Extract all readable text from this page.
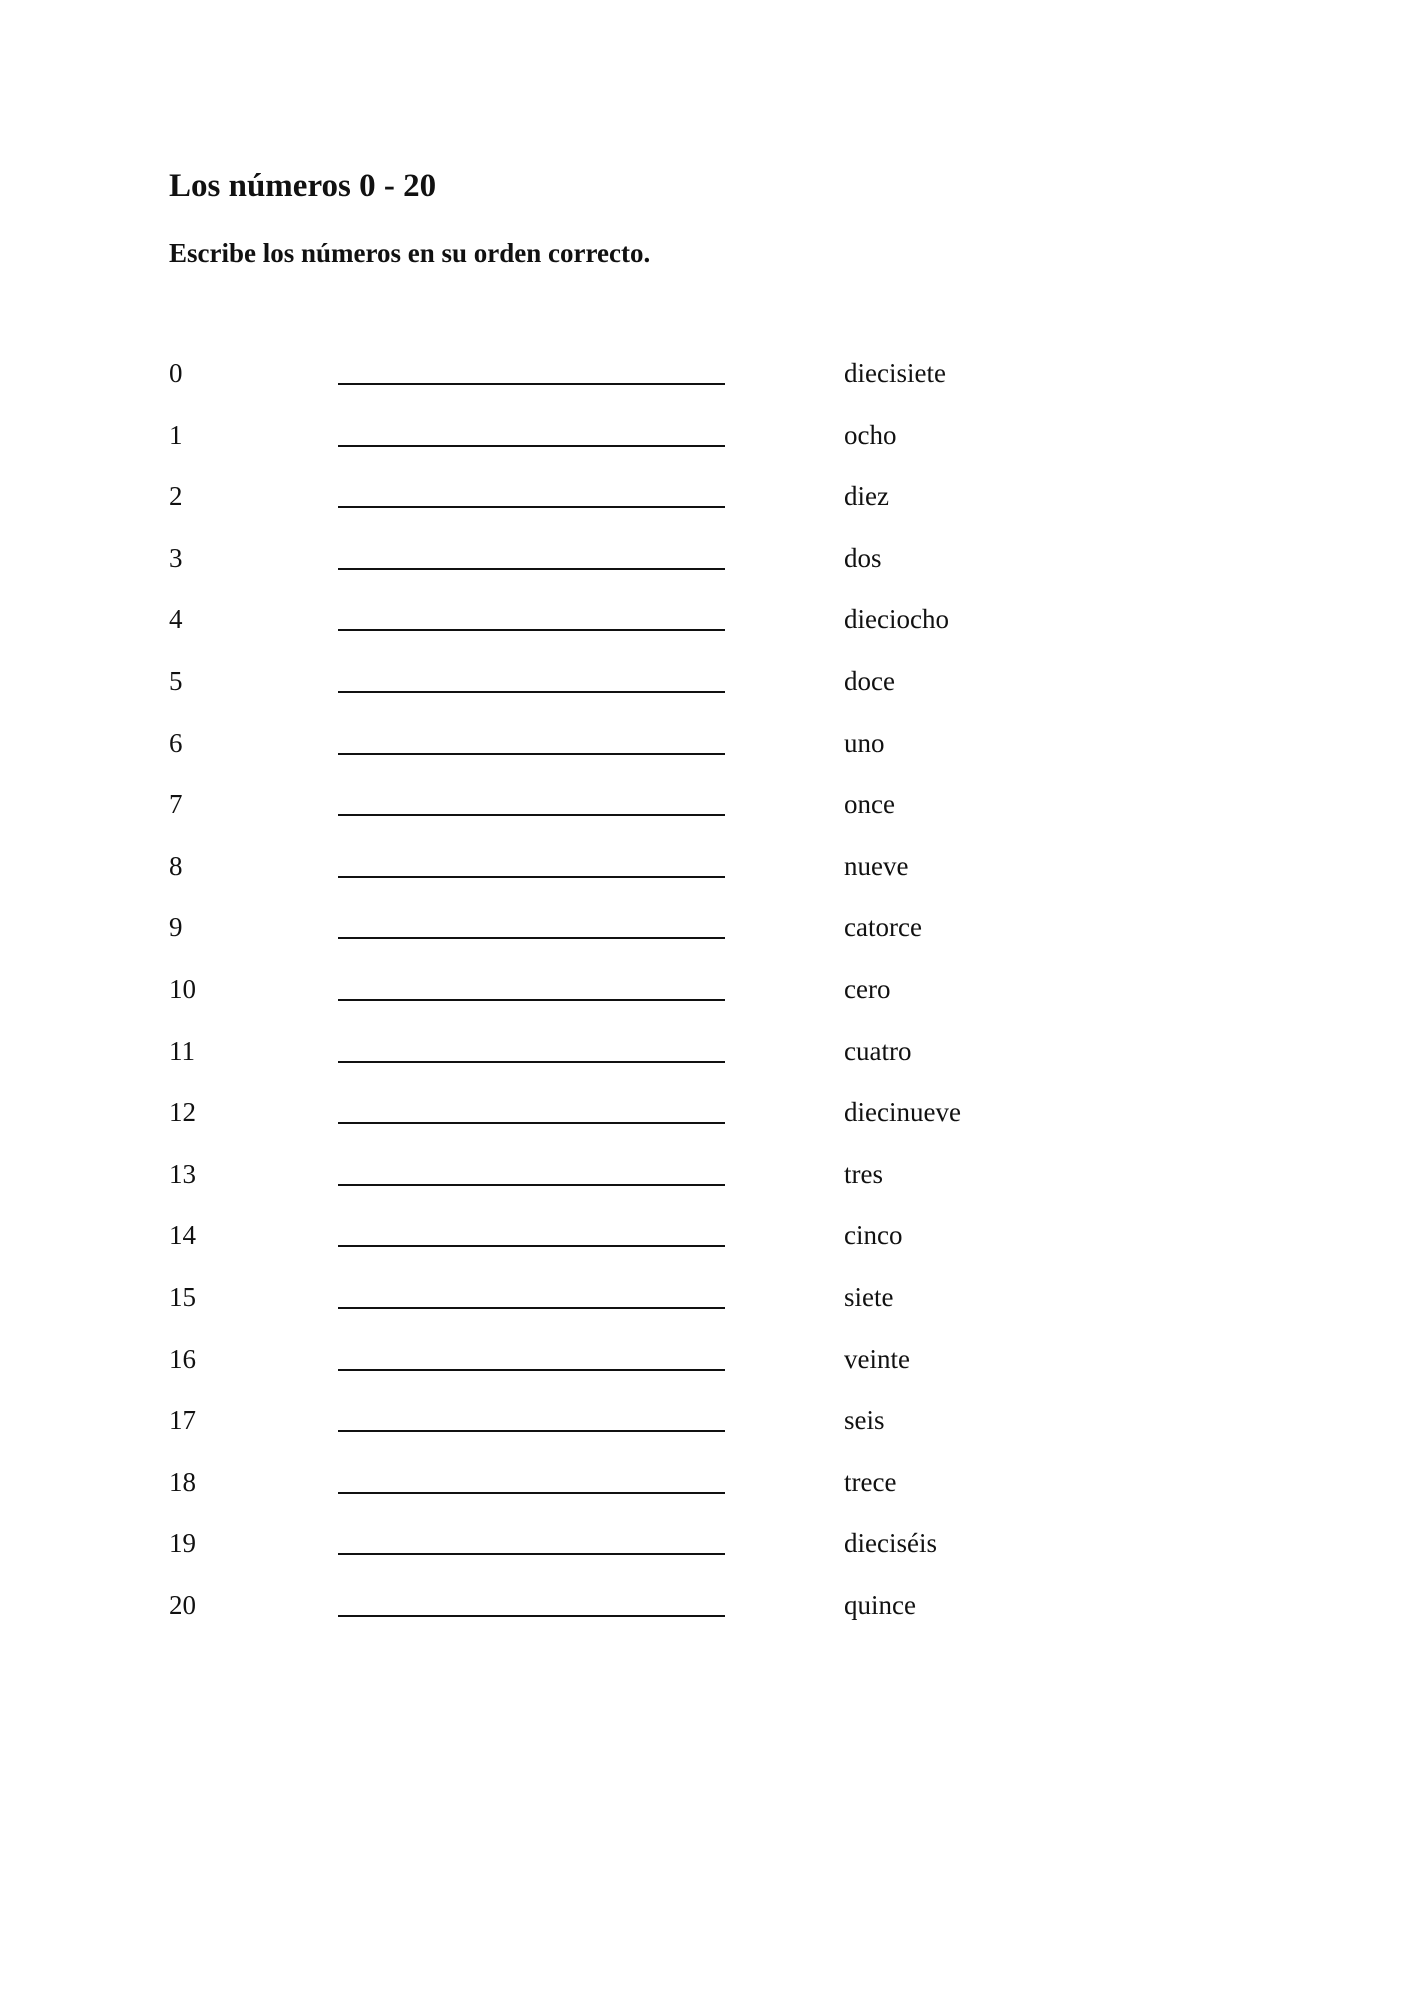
Los números 0 - 20

Escribe los números en su orden correcto.

0	diecisiete
1	ocho
2	diez
3	dos
4	dieciocho
5	doce
6	uno
7	once
8	nueve
9	catorce
10	cero
11	cuatro
12	diecinueve
13	tres
14	cinco
15	siete
16	veinte
17	seis
18	trece
19	dieciséis
20	quince
